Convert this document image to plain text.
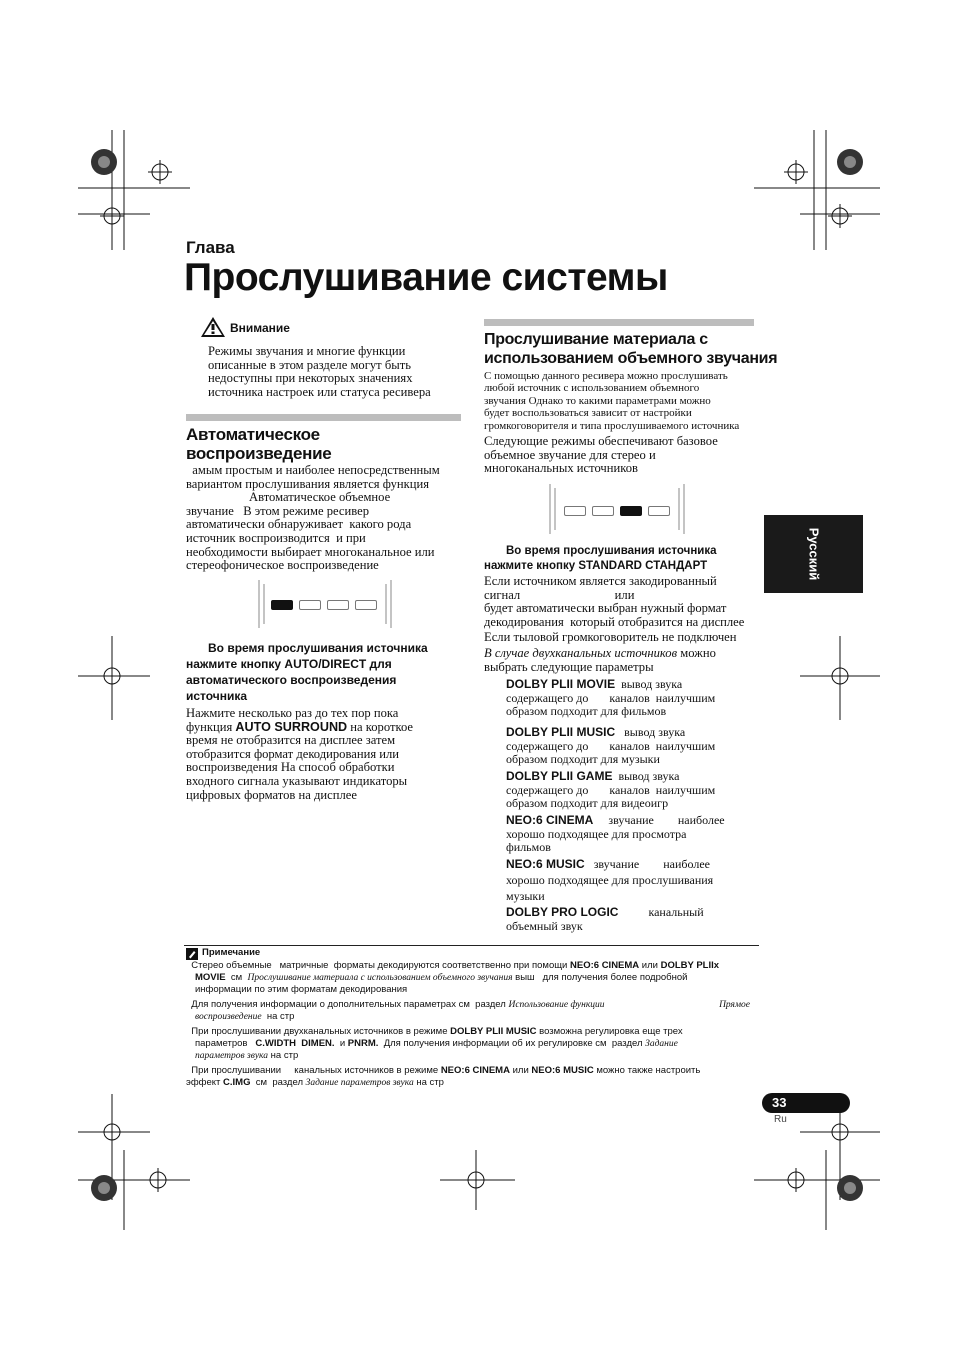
Глава
Прослушивание системы
Русский
Внимание
Режимы звучания и многие функции
описанные в этом разделе могут быть
недоступны при некоторых значениях
источника настроек или статуса ресивера
Автоматическое
воспроизведение
амым простым и наиболее непосредственным
вариантом прослушивания является функция
Автоматическое объемное
звучание   В этом режиме ресивер
автоматически обнаруживает  какого рода
источник воспроизводится  и при
необходимости выбирает многоканальное или
стереофоническое воспроизведение
Во время прослушивания источника
нажмите кнопку AUTO/DIRECT для
автоматического воспроизведения
источника
Нажмите несколько раз до тех пор пока
функция AUTO SURROUND на короткое
время не отобразится на дисплее затем
отобразится формат декодирования или
воспроизведения На способ обработки
входного сигнала указывают индикаторы
цифровых форматов на дисплее
Прослушивание материала с
использованием объемного звучания
С помощью данного ресивера можно прослушивать
любой источник с использованием объемного
звучания Однако то какими параметрами можно
будет воспользоваться зависит от настройки
громкоговорителя и типа прослушиваемого источника
Следующие режимы обеспечивают базовое
объемное звучание для стерео и
многоканальных источников
Во время прослушивания источника
нажмите кнопку STANDARD СТАНДАРТ
Если источником является закодированный
сигнал                              или
будет автоматически выбран нужный формат
декодирования  который отобразится на дисплее
Если тыловой громкоговоритель не подключен
В случае двухканальных источников можно
выбрать следующие параметры
DOLBY PLII MOVIE  вывод звука
содержащего до       каналов  наилучшим
образом подходит для фильмов
DOLBY PLII MUSIC   вывод звука
содержащего до       каналов  наилучшим
образом подходит для музыки
DOLBY PLII GAME  вывод звука
содержащего до       каналов  наилучшим
образом подходит для видеоигр
NEO:6 CINEMA     звучание        наиболее
хорошо подходящее для просмотра
фильмов
NEO:6 MUSIC   звучание        наиболее
хорошо подходящее для прослушивания
музыки
DOLBY PRO LOGIC          канальный
объемный звук
Примечание
Стерео объемные   матричные  форматы декодируются соответственно при помощи NEO:6 CINEMA или DOLBY PLIIx
MOVIE  см  Прослушивание материала с использованием объемного звучания выш   для получения более подробной
информации по этим форматам декодирования
Для получения информации о дополнительных параметрах см  раздел Использование функции	Прямое
воспроизведение  на стр
При прослушивании двухканальных источников в режиме DOLBY PLII MUSIC возможна регулировка еще трех
параметров   C.WIDTH  DIMEN.  и PNRM.  Для получения информации об их регулировке см  раздел Задание
параметров звука на стр
При прослушивании     канальных источников в режиме NEO:6 CINEMA или NEO:6 MUSIC можно также настроить
эффект C.IMG  см  раздел Задание параметров звука на стр
33
Ru
